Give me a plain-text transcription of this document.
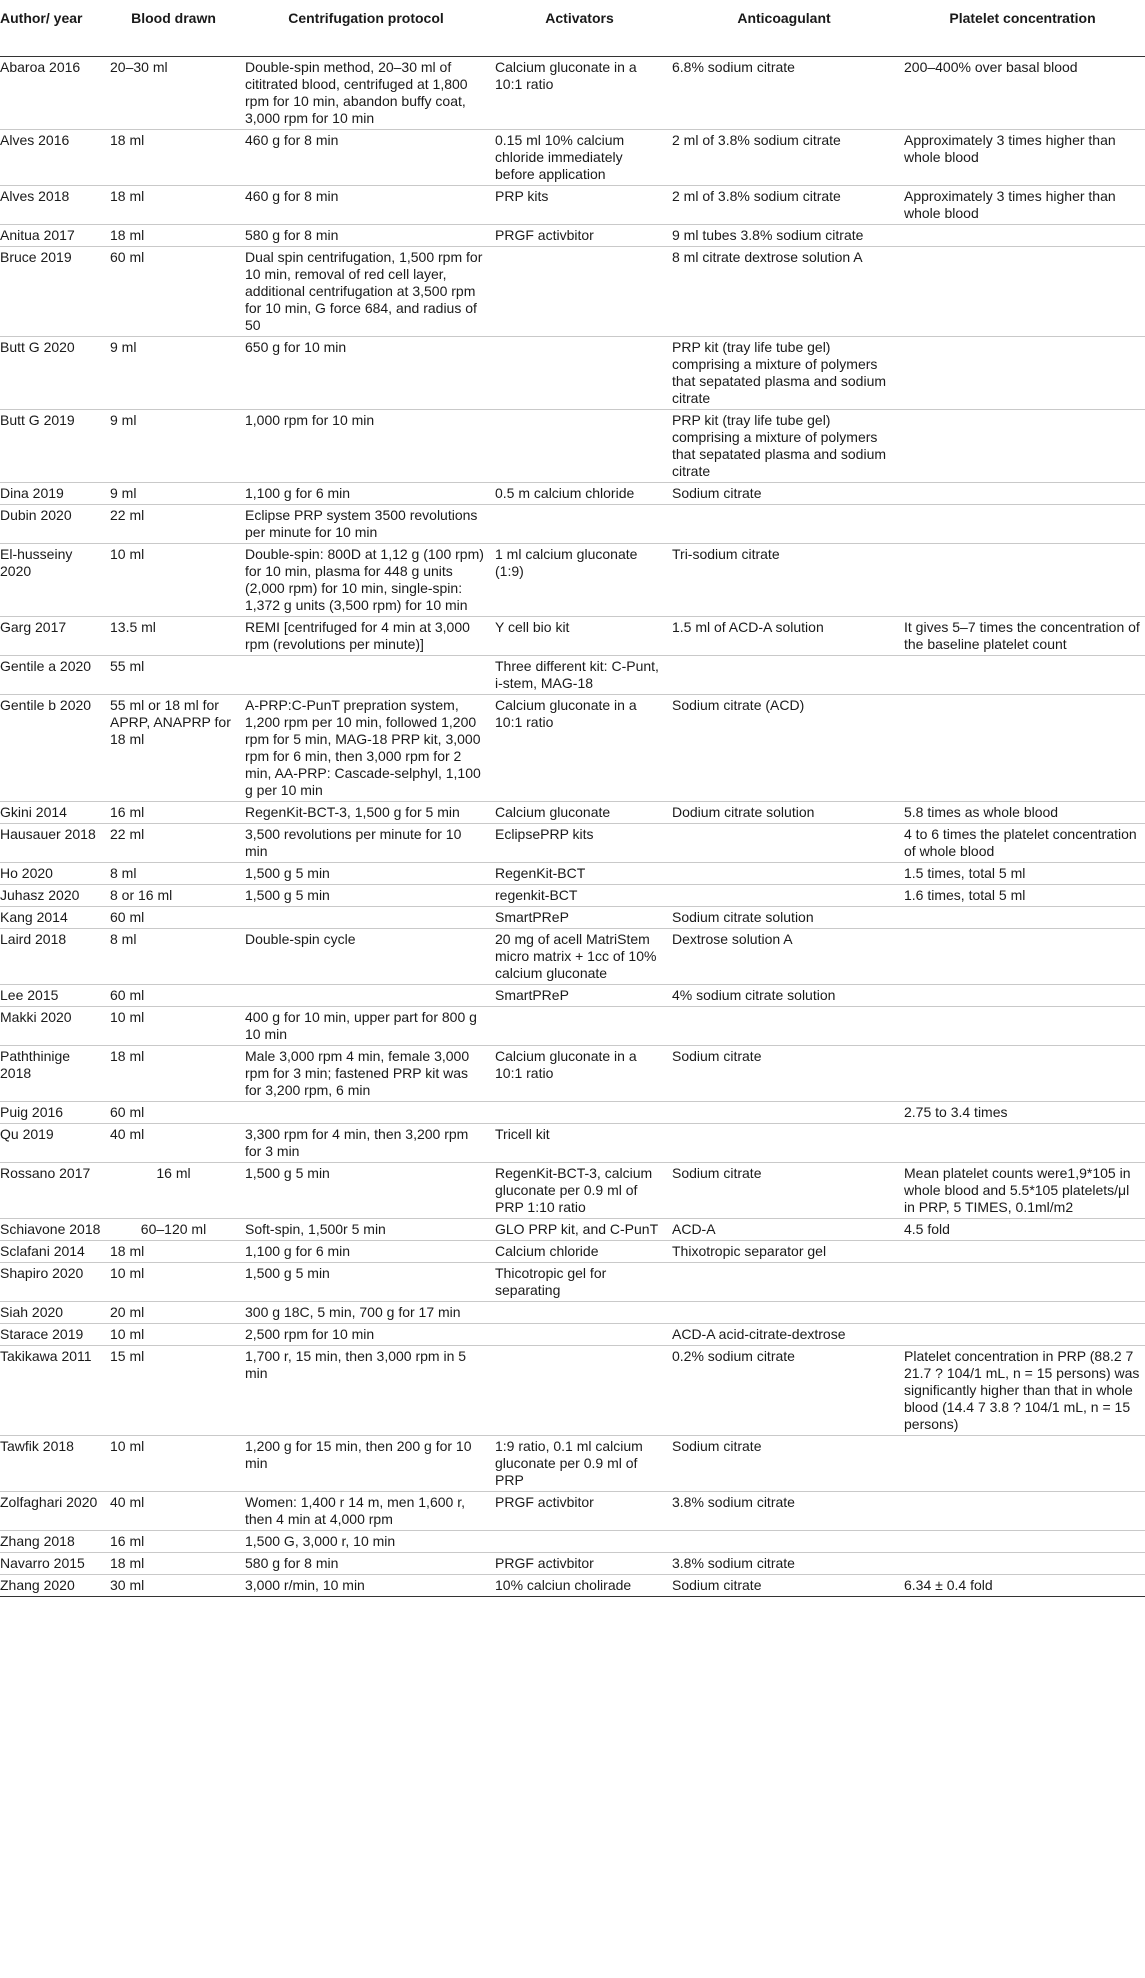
Author/ year	Blood drawn	Centrifugation protocol	Activators	Anticoagulant	Platelet concentration
Abaroa 2016	20–30 ml	Double-spin method, 20–30 ml of cititrated blood, centrifuged at 1,800 rpm for 10 min, abandon buffy coat, 3,000 rpm for 10 min	Calcium gluconate in a 10:1 ratio	6.8% sodium citrate	200–400% over basal blood
Alves 2016	18 ml	460 g for 8 min	0.15 ml 10% calcium chloride immediately before application	2 ml of 3.8% sodium citrate	Approximately 3 times higher than whole blood
Alves 2018	18 ml	460 g for 8 min	PRP kits	2 ml of 3.8% sodium citrate	Approximately 3 times higher than whole blood
Anitua 2017	18 ml	580 g for 8 min	PRGF activbitor	9 ml tubes 3.8% sodium citrate	
Bruce 2019	60 ml	Dual spin centrifugation, 1,500 rpm for 10 min, removal of red cell layer, additional centrifugation at 3,500 rpm for 10 min, G force 684, and radius of 50		8 ml citrate dextrose solution A	
Butt G 2020	9 ml	650 g for 10 min		PRP kit (tray life tube gel) comprising a mixture of polymers that sepatated plasma and sodium citrate	
Butt G 2019	9 ml	1,000 rpm for 10 min		PRP kit (tray life tube gel) comprising a mixture of polymers that sepatated plasma and sodium citrate	
Dina 2019	9 ml	1,100 g for 6 min	0.5 m calcium chloride	Sodium citrate	
Dubin 2020	22 ml	Eclipse PRP system 3500 revolutions per minute for 10 min			
El-husseiny 2020	10 ml	Double-spin: 800D at 1,12 g (100 rpm) for 10 min, plasma for 448 g units (2,000 rpm) for 10 min, single-spin: 1,372 g units (3,500 rpm) for 10 min	1 ml calcium gluconate (1:9)	Tri-sodium citrate	
Garg 2017	13.5 ml	REMI [centrifuged for 4 min at 3,000 rpm (revolutions per minute)]	Y cell bio kit	1.5 ml of ACD-A solution	It gives 5–7 times the concentration of the baseline platelet count
Gentile a 2020	55 ml		Three different kit: C-Punt, i-stem, MAG-18		
Gentile b 2020	55 ml or 18 ml for APRP, ANAPRP for 18 ml	A-PRP:C-PunT prepration system, 1,200 rpm per 10 min, followed 1,200 rpm for 5 min, MAG-18 PRP kit, 3,000 rpm for 6 min, then 3,000 rpm for 2 min, AA-PRP: Cascade-selphyl, 1,100 g per 10 min	Calcium gluconate in a 10:1 ratio	Sodium citrate (ACD)	
Gkini 2014	16 ml	RegenKit-BCT-3, 1,500 g for 5 min	Calcium gluconate	Dodium citrate solution	5.8 times as whole blood
Hausauer 2018	22 ml	3,500 revolutions per minute for 10 min	EclipsePRP kits		4 to 6 times the platelet concentration of whole blood
Ho 2020	8 ml	1,500 g 5 min	RegenKit-BCT		1.5 times, total 5 ml
Juhasz 2020	8 or 16 ml	1,500 g 5 min	regenkit-BCT		1.6 times, total 5 ml
Kang 2014	60 ml		SmartPReP	Sodium citrate solution	
Laird 2018	8 ml	Double-spin cycle	20 mg of acell MatriStem micro matrix + 1cc of 10% calcium gluconate	Dextrose solution A	
Lee 2015	60 ml		SmartPReP	4% sodium citrate solution	
Makki 2020	10 ml	400 g for 10 min, upper part for 800 g 10 min			
Paththinige 2018	18 ml	Male 3,000 rpm 4 min, female 3,000 rpm for 3 min; fastened PRP kit was for 3,200 rpm, 6 min	Calcium gluconate in a 10:1 ratio	Sodium citrate	
Puig 2016	60 ml				2.75 to 3.4 times
Qu 2019	40 ml	3,300 rpm for 4 min, then 3,200 rpm for 3 min	Tricell kit		
Rossano 2017	16 ml	1,500 g 5 min	RegenKit-BCT-3, calcium gluconate per 0.9 ml of PRP 1:10 ratio	Sodium citrate	Mean platelet counts were1,9*105 in whole blood and 5.5*105 platelets/μl in PRP, 5 TIMES, 0.1ml/m2
Schiavone 2018	60–120 ml	Soft-spin, 1,500r 5 min	GLO PRP kit, and C-PunT	ACD-A	4.5 fold
Sclafani 2014	18 ml	1,100 g for 6 min	Calcium chloride	Thixotropic separator gel	
Shapiro 2020	10 ml	1,500 g 5 min	Thicotropic gel for separating		
Siah 2020	20 ml	300 g 18C, 5 min, 700 g for 17 min			
Starace 2019	10 ml	2,500 rpm for 10 min		ACD-A acid-citrate-dextrose	
Takikawa 2011	15 ml	1,700 r, 15 min, then 3,000 rpm in 5 min		0.2% sodium citrate	Platelet concentration in PRP (88.2 7 21.7 ? 104/1 mL, n = 15 persons) was significantly higher than that in whole blood (14.4 7 3.8 ? 104/1 mL, n = 15 persons)
Tawfik 2018	10 ml	1,200 g for 15 min, then 200 g for 10 min	1:9 ratio, 0.1 ml calcium gluconate per 0.9 ml of PRP	Sodium citrate	
Zolfaghari 2020	40 ml	Women: 1,400 r 14 m, men 1,600 r, then 4 min at 4,000 rpm	PRGF activbitor	3.8% sodium citrate	
Zhang 2018	16 ml	1,500 G, 3,000 r, 10 min			
Navarro 2015	18 ml	580 g for 8 min	PRGF activbitor	3.8% sodium citrate	
Zhang 2020	30 ml	3,000 r/min, 10 min	10% calciun cholirade	Sodium citrate	6.34 ± 0.4 fold
